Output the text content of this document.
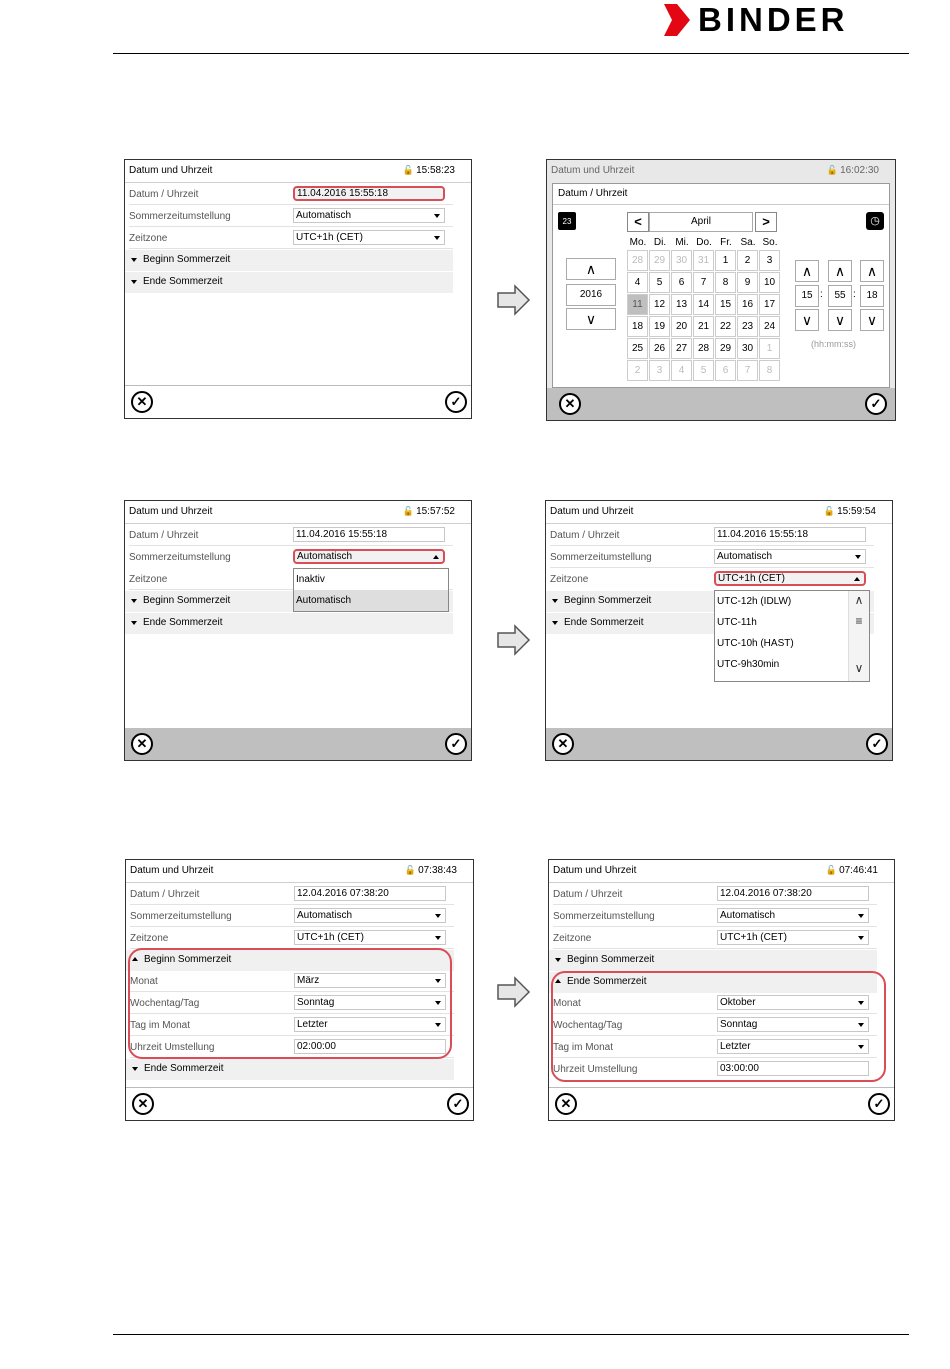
BINDER
Datum und Uhrzeit	🔓 15:58:23
Datum / Uhrzeit	11.04.2016 15:55:18
Sommerzeitumstellung	Automatisch
Zeitzone	UTC+1h (CET)
Beginn Sommerzeit
Ende Sommerzeit
✕	✓
Datum und Uhrzeit	🔓 16:02:30
Datum / Uhrzeit
23	◷
<	April	>
Mo. Di. Mi. Do. Fr. Sa. So.
28	29	30	31	1	2	3
4	5	6	7	8	9	10
11	12	13	14	15	16	17
18	19	20	21	22	23	24
25	26	27	28	29	30	1
2	3	4	5	6	7	8
∧
2016
∨
∧	∧	∧
15 :	55 :	18
∨	∨	∨
(hh:mm:ss)
✕	✓
Datum und Uhrzeit	🔓 15:57:52
Datum / Uhrzeit	11.04.2016 15:55:18
Sommerzeitumstellung	Automatisch
Zeitzone
Beginn Sommerzeit
Ende Sommerzeit
Inaktiv
Automatisch
✕	✓
Datum und Uhrzeit	🔓 15:59:54
Datum / Uhrzeit	11.04.2016 15:55:18
Sommerzeitumstellung	Automatisch
Zeitzone	UTC+1h (CET)
Beginn Sommerzeit
Ende Sommerzeit
UTC-12h (IDLW)
UTC-11h
UTC-10h (HAST)
UTC-9h30min
∧
≡
∨
✕	✓
Datum und Uhrzeit	🔓 07:38:43
Datum / Uhrzeit	12.04.2016 07:38:20
Sommerzeitumstellung	Automatisch
Zeitzone	UTC+1h (CET)
Beginn Sommerzeit
Monat	März
Wochentag/Tag	Sonntag
Tag im Monat	Letzter
Uhrzeit Umstellung	02:00:00
Ende Sommerzeit
✕	✓
Datum und Uhrzeit	🔓 07:46:41
Datum / Uhrzeit	12.04.2016 07:38:20
Sommerzeitumstellung	Automatisch
Zeitzone	UTC+1h (CET)
Beginn Sommerzeit
Ende Sommerzeit
Monat	Oktober
Wochentag/Tag	Sonntag
Tag im Monat	Letzter
Uhrzeit Umstellung	03:00:00
✕	✓
